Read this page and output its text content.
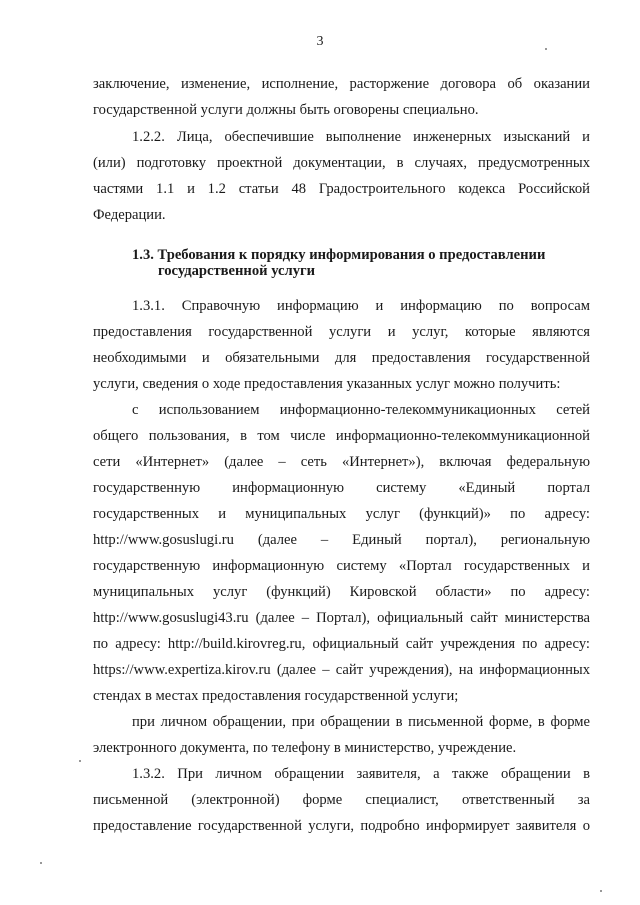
3
заключение, изменение, исполнение, расторжение договора об оказании
государственной услуги должны быть оговорены специально.
1.2.2. Лица, обеспечившие выполнение инженерных изысканий и
(или) подготовку проектной документации, в случаях, предусмотренных
частями 1.1 и 1.2 статьи 48 Градостроительного кодекса Российской
Федерации.
1.3. Требования к порядку информирования о предоставлении
государственной услуги
1.3.1. Справочную информацию и информацию по вопросам
предоставления государственной услуги и услуг, которые являются
необходимыми и обязательными для предоставления государственной
услуги, сведения о ходе предоставления указанных услуг можно получить:
с использованием информационно-телекоммуникационных сетей
общего пользования, в том числе информационно-телекоммуникационной
сети «Интернет» (далее – сеть «Интернет»), включая федеральную
государственную информационную систему «Единый портал
государственных и муниципальных услуг (функций)» по адресу:
http://www.gosuslugi.ru (далее – Единый портал), региональную
государственную информационную систему «Портал государственных и
муниципальных услуг (функций) Кировской области» по адресу:
http://www.gosuslugi43.ru (далее – Портал), официальный сайт министерства
по адресу: http://build.kirovreg.ru, официальный сайт учреждения по адресу:
https://www.expertiza.kirov.ru (далее – сайт учреждения), на информационных
стендах в местах предоставления государственной услуги;
при личном обращении, при обращении в письменной форме, в форме
электронного документа, по телефону в министерство, учреждение.
1.3.2. При личном обращении заявителя, а также обращении в
письменной (электронной) форме специалист, ответственный за
предоставление государственной услуги, подробно информирует заявителя о
